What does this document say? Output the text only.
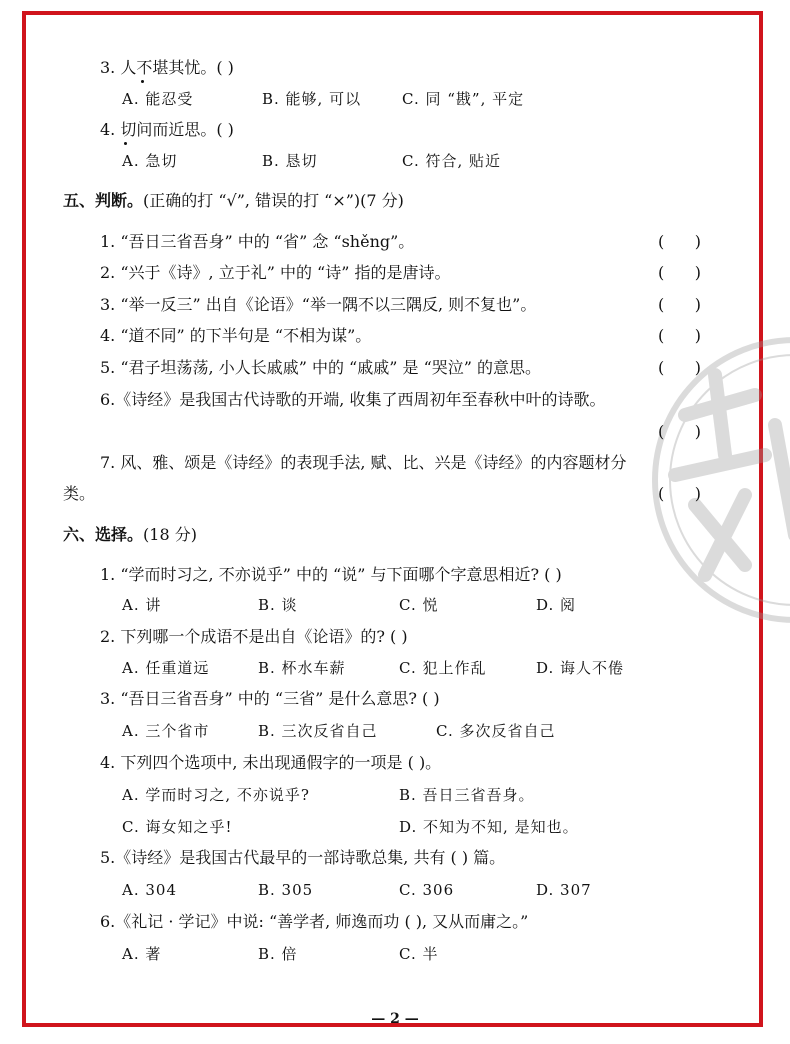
3. 人不堪其忧。( )
A. 能忍受	B. 能够, 可以	C. 同 “戡”, 平定
4. 切问而近思。( )
A. 急切	B. 恳切	C. 符合, 贴近
五、判断。(正确的打 “√”, 错误的打 “×”)(7 分)
1. “吾日三省吾身” 中的 “省” 念 “shěng”。	(      )
2. “兴于《诗》, 立于礼” 中的 “诗” 指的是唐诗。	(      )
3. “举一反三” 出自《论语》“举一隅不以三隅反, 则不复也”。	(      )
4. “道不同” 的下半句是 “不相为谋”。	(      )
5. “君子坦荡荡, 小人长戚戚” 中的 “戚戚” 是 “哭泣” 的意思。	(      )
6.《诗经》是我国古代诗歌的开端, 收集了西周初年至春秋中叶的诗歌。
(      )
7. 风、雅、颂是《诗经》的表现手法, 赋、比、兴是《诗经》的内容题材分
类。	(      )
六、选择。(18 分)
1. “学而时习之, 不亦说乎” 中的 “说” 与下面哪个字意思相近? ( )
A. 讲	B. 谈	C. 悦	D. 阅
2. 下列哪一个成语不是出自《论语》的? ( )
A. 任重道远	B. 杯水车薪	C. 犯上作乱	D. 诲人不倦
3. “吾日三省吾身” 中的 “三省” 是什么意思? ( )
A. 三个省市	B. 三次反省自己	C. 多次反省自己
4. 下列四个选项中, 未出现通假字的一项是 ( )。
A. 学而时习之, 不亦说乎?	B. 吾日三省吾身。
C. 诲女知之乎!	D. 不知为不知, 是知也。
5.《诗经》是我国古代最早的一部诗歌总集, 共有 ( ) 篇。
A. 304	B. 305	C. 306	D. 307
6.《礼记 · 学记》中说: “善学者, 师逸而功 ( ), 又从而庸之。”
A. 著	B. 倍	C. 半
— 2 —
